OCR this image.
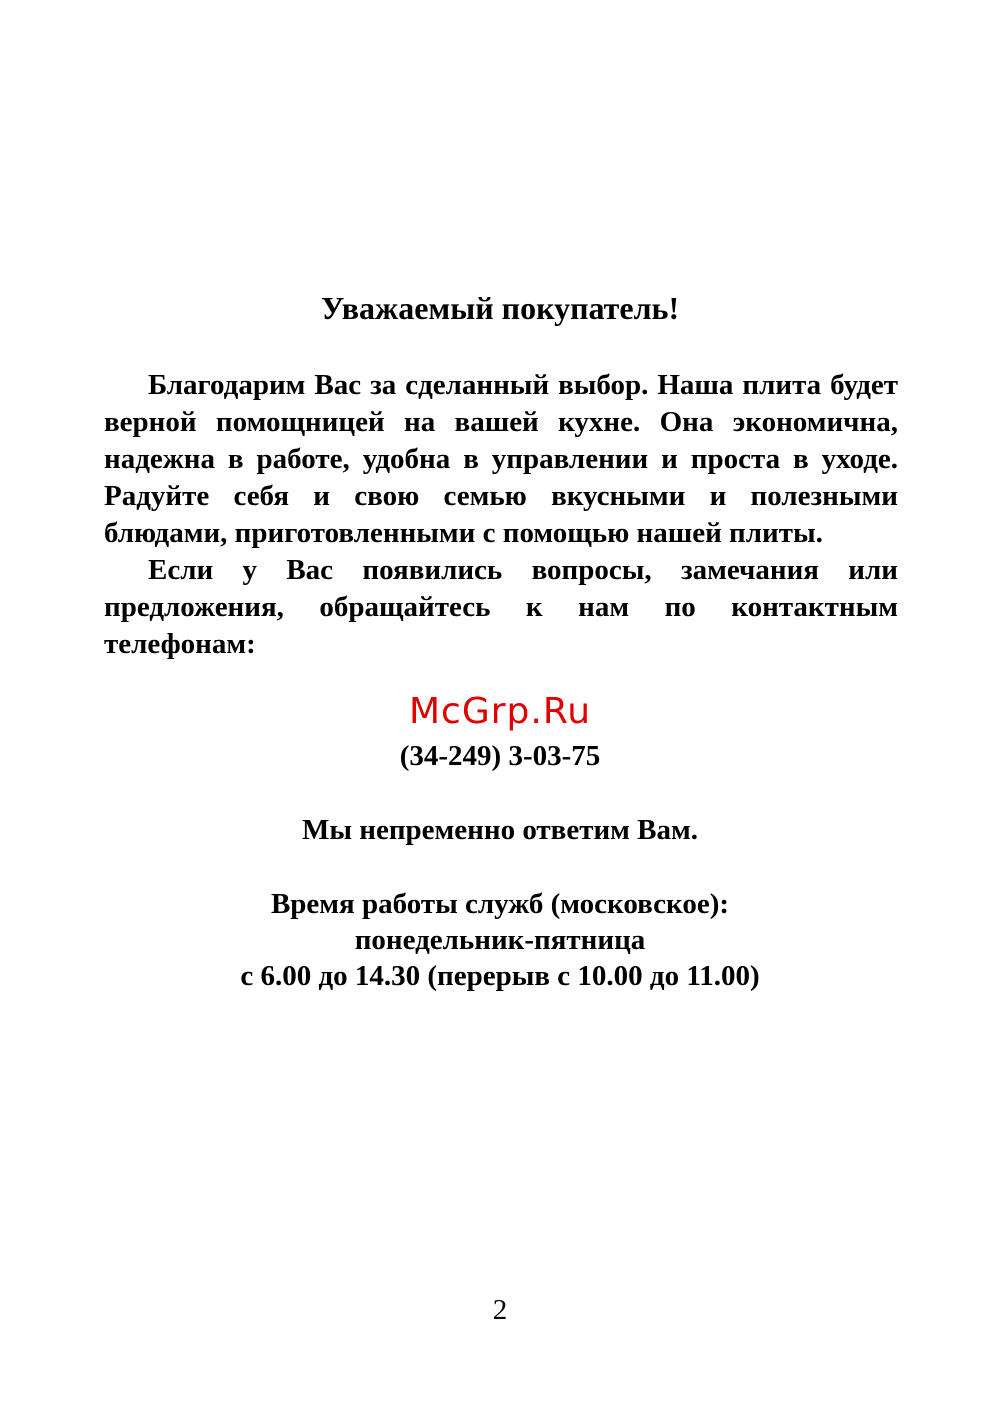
Уважаемый покупатель!

Благодарим Вас за сделанный выбор. Наша плита будет верной помощницей на вашей кухне. Она экономична, надежна в работе, удобна в управлении и проста в уходе. Радуйте себя и свою семью вкусными и полезными блюдами, приготовленными с помощью нашей плиты.

Если у Вас появились вопросы, замечания или предложения, обращайтесь к нам по контактным телефонам:

McGrp.Ru

(34-249) 3-03-75

Мы непременно ответим Вам.

Время работы служб (московское):
понедельник-пятница
с 6.00 до 14.30 (перерыв с 10.00 до 11.00)

2
